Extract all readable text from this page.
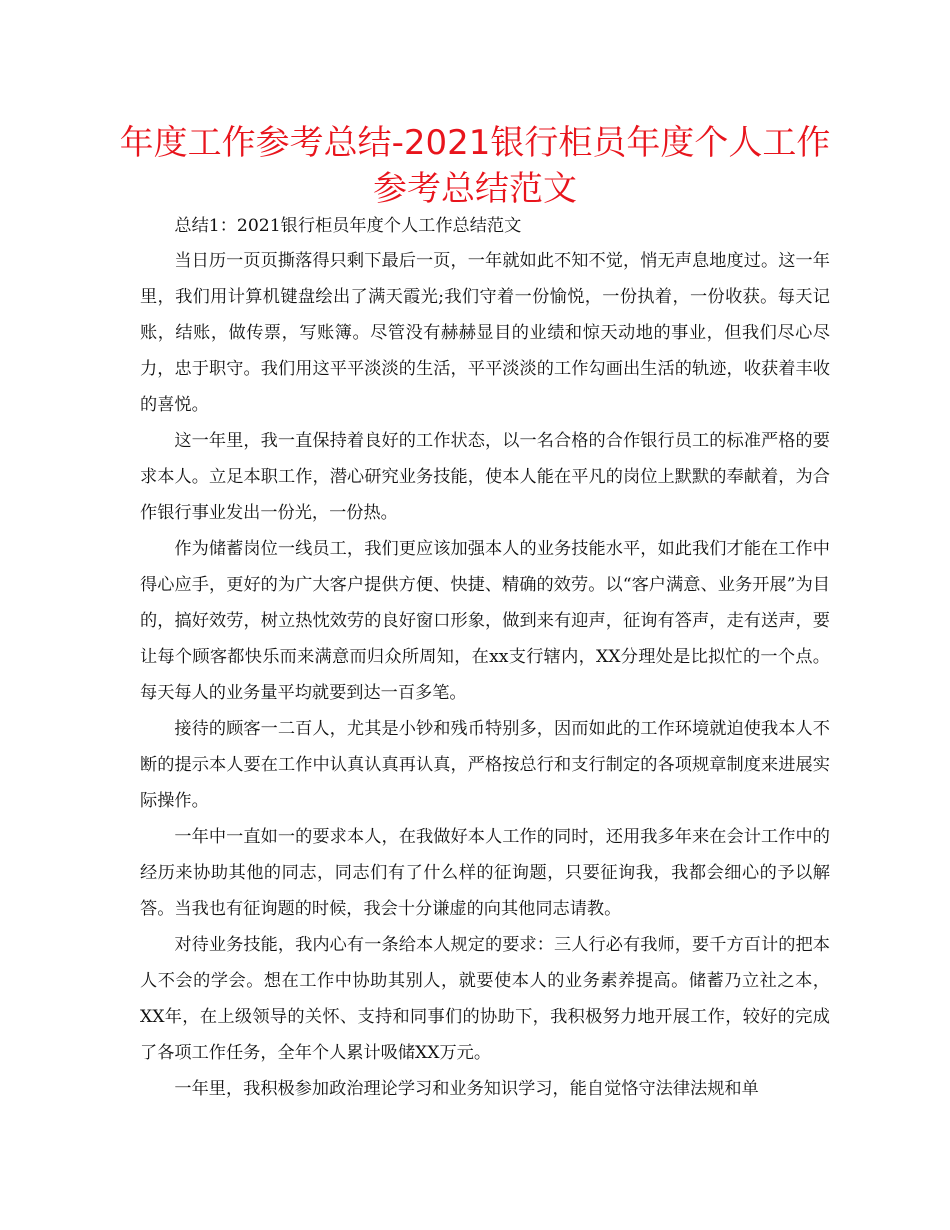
年度工作参考总结-2021银行柜员年度个人工作
参考总结范文

总结1：2021银行柜员年度个人工作总结范文

当日历一页页撕落得只剩下最后一页，一年就如此不知不觉，悄无声息地度过。这一年里，我们用计算机键盘绘出了满天霞光;我们守着一份愉悦，一份执着，一份收获。每天记账，结账，做传票，写账簿。尽管没有赫赫显目的业绩和惊天动地的事业，但我们尽心尽力，忠于职守。我们用这平平淡淡的生活，平平淡淡的工作勾画出生活的轨迹，收获着丰收的喜悦。

这一年里，我一直保持着良好的工作状态，以一名合格的合作银行员工的标准严格的要求本人。立足本职工作，潜心研究业务技能，使本人能在平凡的岗位上默默的奉献着，为合作银行事业发出一份光，一份热。

作为储蓄岗位一线员工，我们更应该加强本人的业务技能水平，如此我们才能在工作中得心应手，更好的为广大客户提供方便、快捷、精确的效劳。以“客户满意、业务开展”为目的，搞好效劳，树立热忱效劳的良好窗口形象，做到来有迎声，征询有答声，走有送声，要让每个顾客都快乐而来满意而归众所周知，在xx支行辖内，XX分理处是比拟忙的一个点。每天每人的业务量平均就要到达一百多笔。

接待的顾客一二百人，尤其是小钞和残币特别多，因而如此的工作环境就迫使我本人不断的提示本人要在工作中认真认真再认真，严格按总行和支行制定的各项规章制度来进展实际操作。

一年中一直如一的要求本人，在我做好本人工作的同时，还用我多年来在会计工作中的经历来协助其他的同志，同志们有了什么样的征询题，只要征询我，我都会细心的予以解答。当我也有征询题的时候，我会十分谦虚的向其他同志请教。

对待业务技能，我内心有一条给本人规定的要求：三人行必有我师，要千方百计的把本人不会的学会。想在工作中协助其别人，就要使本人的业务素养提高。储蓄乃立社之本，XX年，在上级领导的关怀、支持和同事们的协助下，我积极努力地开展工作，较好的完成了各项工作任务，全年个人累计吸储XX万元。

一年里，我积极参加政治理论学习和业务知识学习，能自觉恪守法律法规和单
